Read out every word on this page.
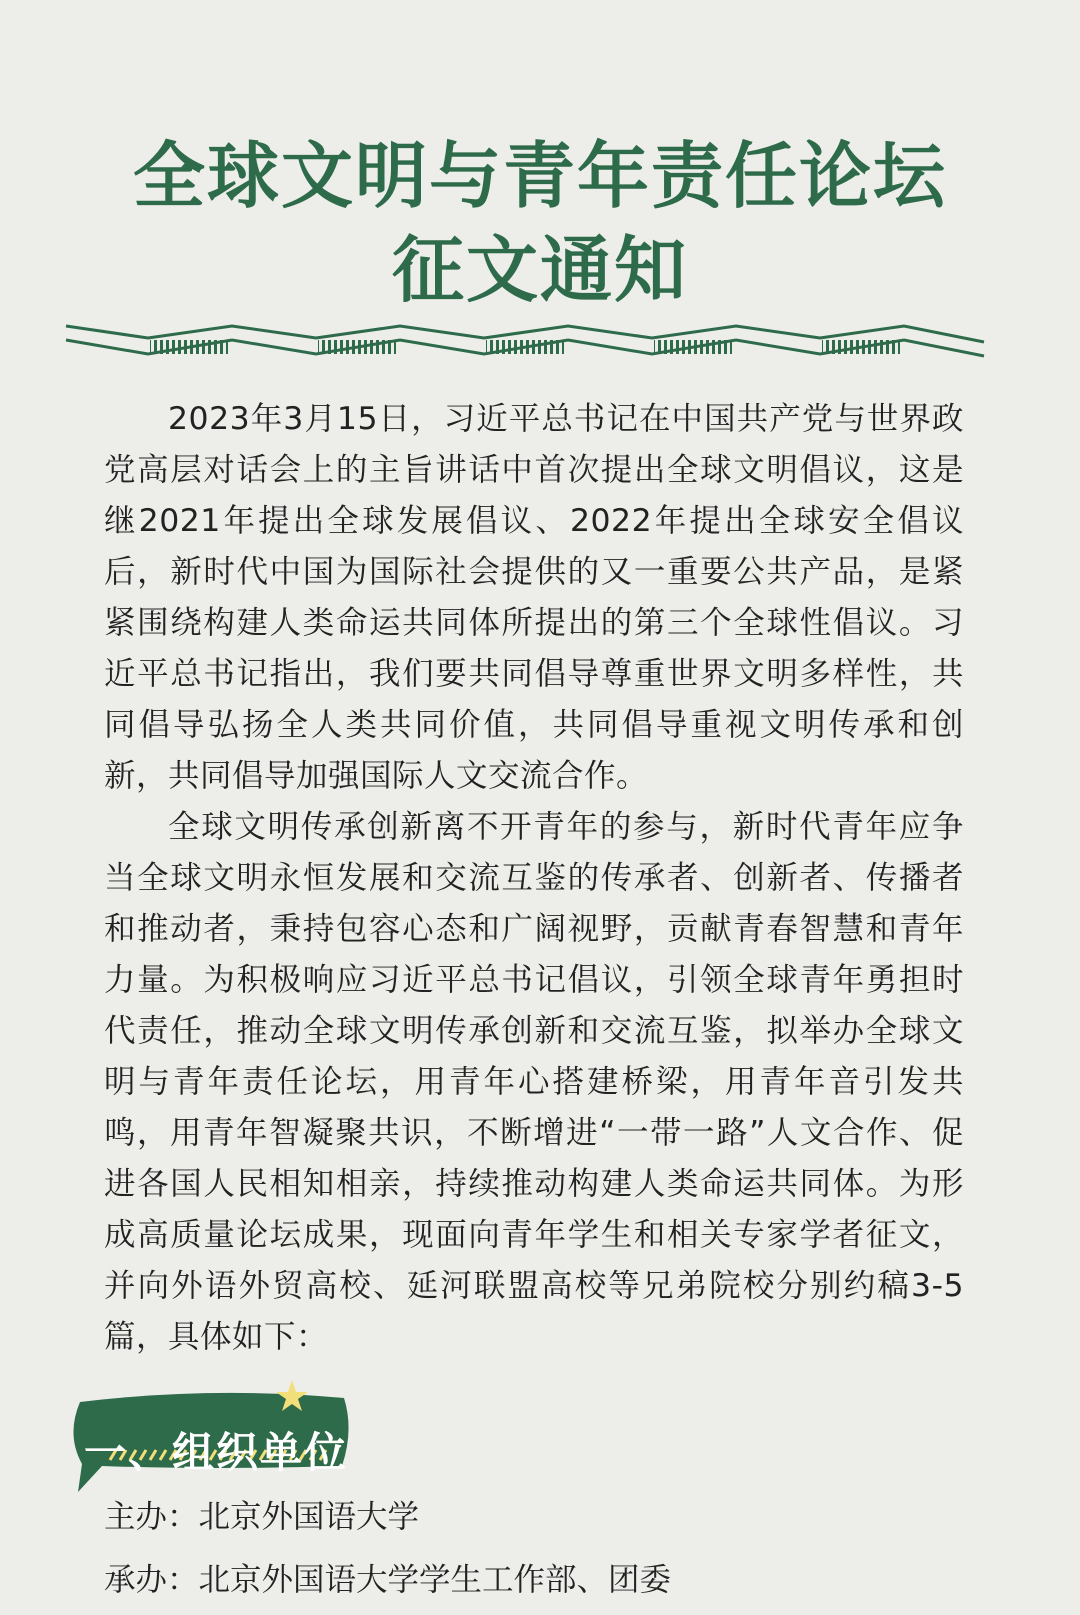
全球文明与青年责任论坛
征文通知

2023年3月15日，习近平总书记在中国共产党与世界政党高层对话会上的主旨讲话中首次提出全球文明倡议，这是继2021年提出全球发展倡议、2022年提出全球安全倡议后，新时代中国为国际社会提供的又一重要公共产品，是紧紧围绕构建人类命运共同体所提出的第三个全球性倡议。习近平总书记指出，我们要共同倡导尊重世界文明多样性，共同倡导弘扬全人类共同价值，共同倡导重视文明传承和创新，共同倡导加强国际人文交流合作。

全球文明传承创新离不开青年的参与，新时代青年应争当全球文明永恒发展和交流互鉴的传承者、创新者、传播者和推动者，秉持包容心态和广阔视野，贡献青春智慧和青年力量。为积极响应习近平总书记倡议，引领全球青年勇担时代责任，推动全球文明传承创新和交流互鉴，拟举办全球文明与青年责任论坛，用青年心搭建桥梁，用青年音引发共鸣，用青年智凝聚共识，不断增进“一带一路”人文合作、促进各国人民相知相亲，持续推动构建人类命运共同体。为形成高质量论坛成果，现面向青年学生和相关专家学者征文，并向外语外贸高校、延河联盟高校等兄弟院校分别约稿3-5篇，具体如下：

一、组织单位
主办：北京外国语大学
承办：北京外国语大学学生工作部、团委
